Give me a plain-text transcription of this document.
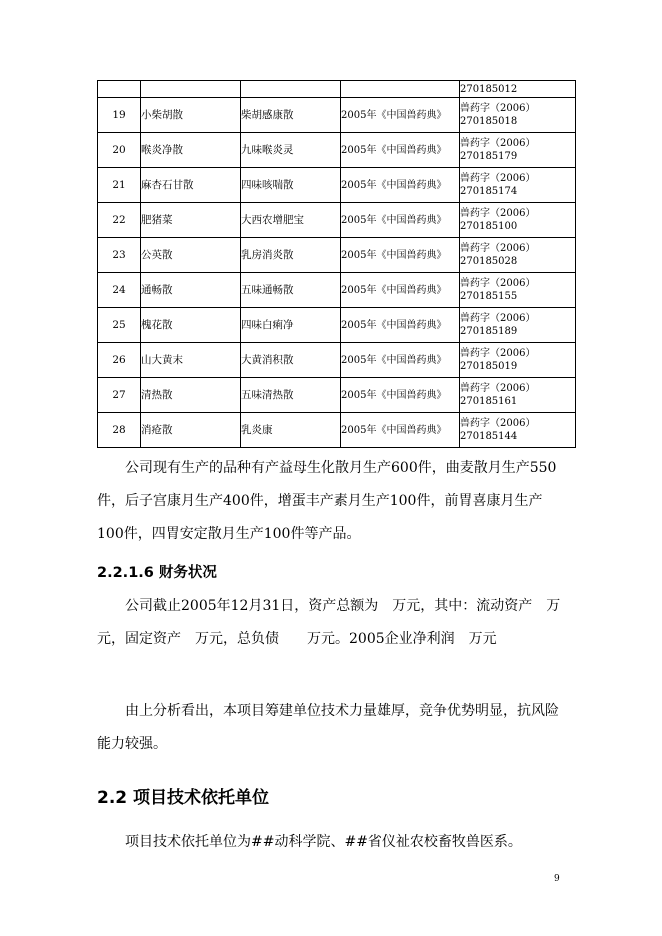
				270185012
19	小柴胡散	柴胡感康散	2005年《中国兽药典》	兽药字（2006）270185018
20	喉炎净散	九味喉炎灵	2005年《中国兽药典》	兽药字（2006）270185179
21	麻杏石甘散	四味咳喘散	2005年《中国兽药典》	兽药字（2006）270185174
22	肥猪菜	大西农增肥宝	2005年《中国兽药典》	兽药字（2006）270185100
23	公英散	乳房消炎散	2005年《中国兽药典》	兽药字（2006）270185028
24	通畅散	五味通畅散	2005年《中国兽药典》	兽药字（2006）270185155
25	槐花散	四味白痢净	2005年《中国兽药典》	兽药字（2006）270185189
26	山大黄末	大黄消积散	2005年《中国兽药典》	兽药字（2006）270185019
27	清热散	五味清热散	2005年《中国兽药典》	兽药字（2006）270185161
28	消疮散	乳炎康	2005年《中国兽药典》	兽药字（2006）270185144

公司现有生产的品种有产益母生化散月生产600件，曲麦散月生产550件，后子宫康月生产400件，增蛋丰产素月生产100件，前胃喜康月生产100件，四胃安定散月生产100件等产品。

2.2.1.6 财务状况

公司截止2005年12月31日，资产总额为　万元，其中：流动资产　万元，固定资产　万元，总负债　　万元。2005企业净利润　万元

由上分析看出，本项目筹建单位技术力量雄厚，竞争优势明显，抗风险能力较强。

2.2 项目技术依托单位

项目技术依托单位为##动科学院、##省仪祉农校畜牧兽医系。

9
